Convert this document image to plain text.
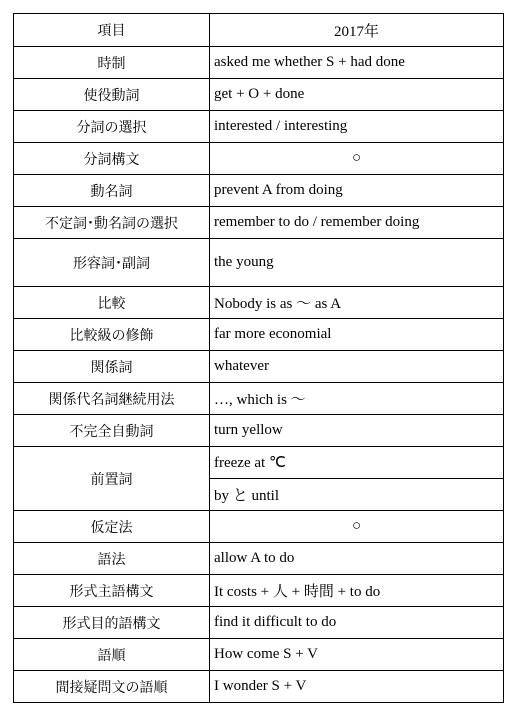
項目	2017年
時制	asked me whether S + had done
使役動詞	get + O + done
分詞の選択	interested / interesting
分詞構文	○
動名詞	prevent A from doing
不定詞･動名詞の選択	remember to do / remember doing
形容詞･副詞	the young
比較	Nobody is as ～ as A
比較級の修飾	far more economial
関係詞	whatever
関係代名詞継続用法	…, which is ～
不完全自動詞	turn yellow
前置詞	freeze at ℃
	by と until
仮定法	○
語法	allow A to do
形式主語構文	It costs + 人 + 時間 + to do
形式目的語構文	find it difficult to do
語順	How come S + V
間接疑問文の語順	I wonder S + V
